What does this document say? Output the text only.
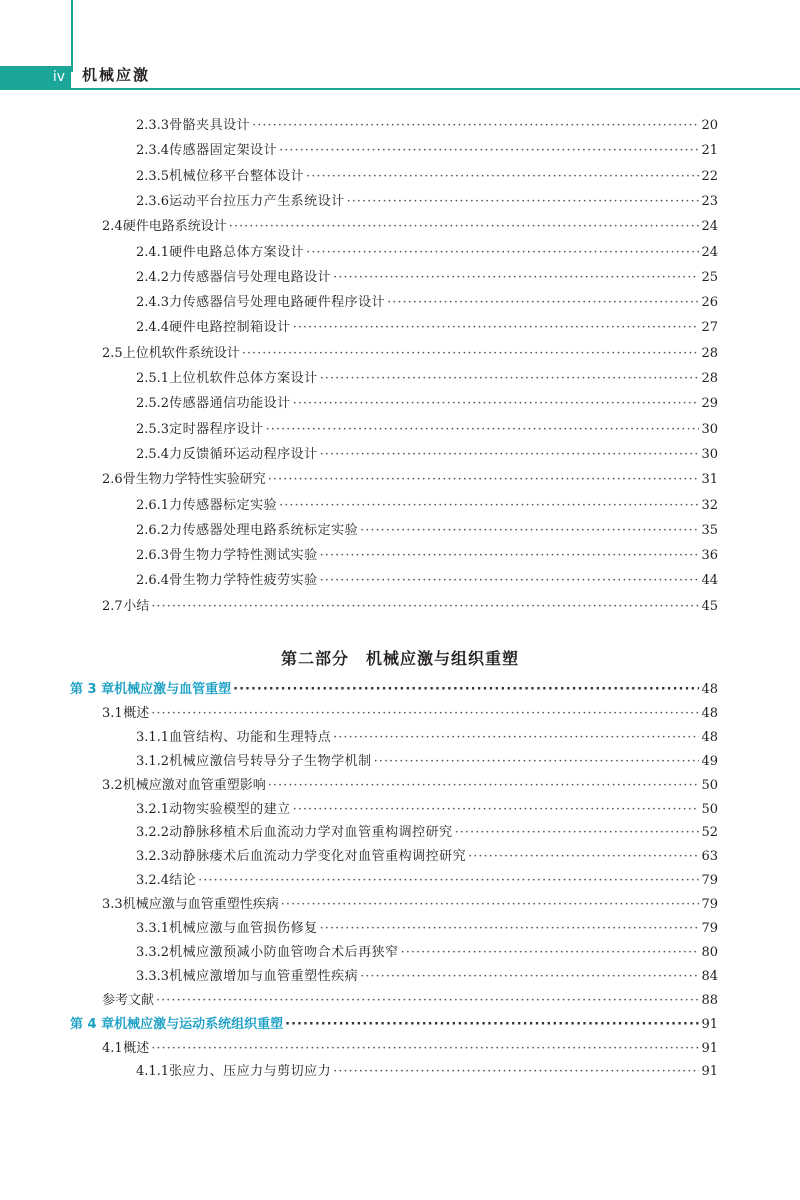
iv	机械应激
2.3.3 骨骼夹具设计 ·····	20
2.3.4 传感器固定架设计 ·····	21
2.3.5 机械位移平台整体设计 ·····	22
2.3.6 运动平台拉压力产生系统设计 ·····	23
2.4 硬件电路系统设计 ·····	24
2.4.1 硬件电路总体方案设计 ·····	24
2.4.2 力传感器信号处理电路设计 ·····	25
2.4.3 力传感器信号处理电路硬件程序设计 ·····	26
2.4.4 硬件电路控制箱设计 ·····	27
2.5 上位机软件系统设计 ·····	28
2.5.1 上位机软件总体方案设计 ·····	28
2.5.2 传感器通信功能设计 ·····	29
2.5.3 定时器程序设计 ·····	30
2.5.4 力反馈循环运动程序设计 ·····	30
2.6 骨生物力学特性实验研究 ·····	31
2.6.1 力传感器标定实验 ·····	32
2.6.2 力传感器处理电路系统标定实验 ·····	35
2.6.3 骨生物力学特性测试实验 ·····	36
2.6.4 骨生物力学特性疲劳实验 ·····	44
2.7 小结 ·····	45
第 3 章 机械应激与血管重塑 ·····	48
3.1 概述 ·····	48
3.1.1 血管结构、功能和生理特点 ·····	48
3.1.2 机械应激信号转导分子生物学机制 ·····	49
3.2 机械应激对血管重塑影响 ·····	50
3.2.1 动物实验模型的建立 ·····	50
3.2.2 动静脉移植术后血流动力学对血管重构调控研究 ·····	52
3.2.3 动静脉瘘术后血流动力学变化对血管重构调控研究 ·····	63
3.2.4 结论 ·····	79
3.3 机械应激与血管重塑性疾病 ·····	79
3.3.1 机械应激与血管损伤修复 ·····	79
3.3.2 机械应激预减小防血管吻合术后再狭窄 ·····	80
3.3.3 机械应激增加与血管重塑性疾病 ·····	84
参考文献 ·····	88
第 4 章 机械应激与运动系统组织重塑 ·····	91
4.1 概述 ·····	91
4.1.1 张应力、压应力与剪切应力 ·····	91
第二部分　机械应激与组织重塑
